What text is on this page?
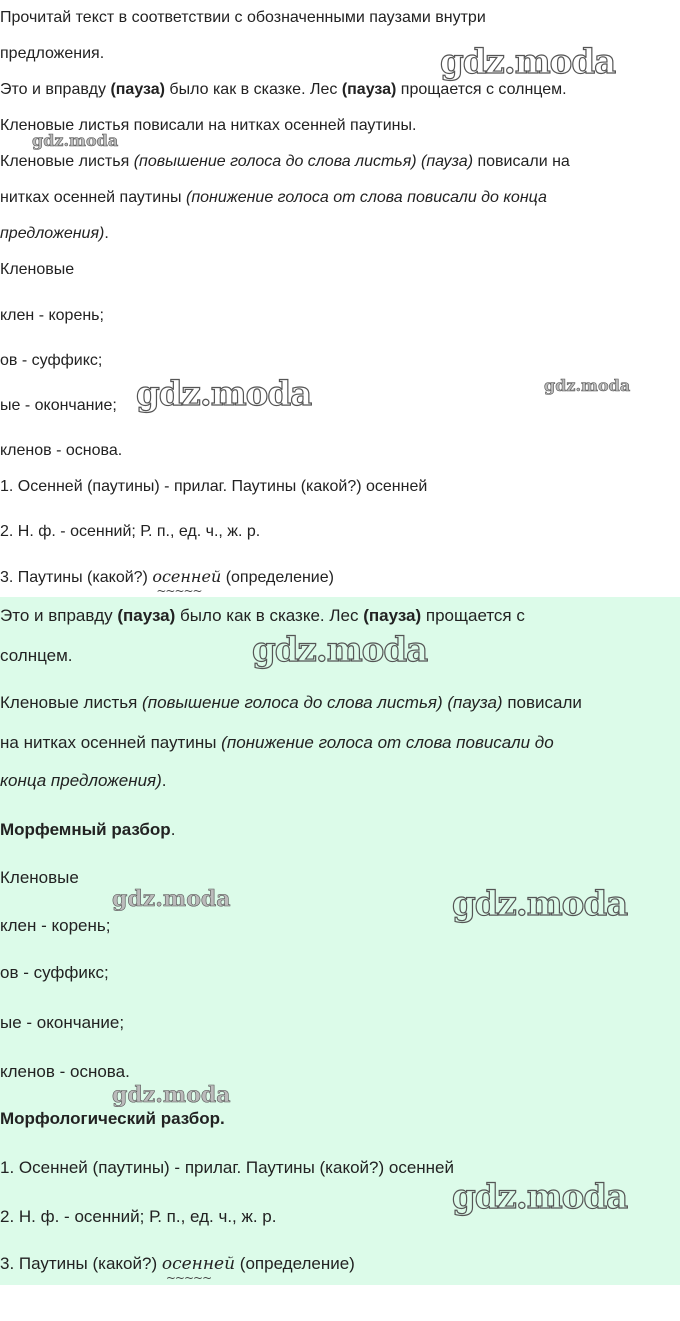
Прочитай текст в соответствии с обозначенными паузами внутри
предложения.
Это и вправду (пауза) было как в сказке. Лес (пауза) прощается с солнцем.
Кленовые листья повисали на нитках осенней паутины.
Кленовые листья (повышение голоса до слова листья) (пауза) повисали на
нитках осенней паутины (понижение голоса от слова повисали до конца
предложения).
Кленовые
клен - корень;
ов - суффикс;
ые - окончание;
кленов - основа.
1. Осенней (паутины) - прилаг. Паутины (какой?) осенней
2. Н. ф. - осенний; Р. п., ед. ч., ж. р.
3. Паутины (какой?) осенней ~~~~~ (определение)
Это и вправду (пауза) было как в сказке. Лес (пауза) прощается с
солнцем.
Кленовые листья (повышение голоса до слова листья) (пауза) повисали
на нитках осенней паутины (понижение голоса от слова повисали до
конца предложения).
Морфемный разбор.
Кленовые
клен - корень;
ов - суффикс;
ые - окончание;
кленов - основа.
Морфологический разбор.
1. Осенней (паутины) - прилаг. Паутины (какой?) осенней
2. Н. ф. - осенний; Р. п., ед. ч., ж. р.
3. Паутины (какой?) осенней ~~~~~ (определение)
gdz.moda
gdz.moda
gdz.moda	gdz.moda
gdz.moda
gdz.moda	gdz.moda
gdz.moda
gdz.moda
